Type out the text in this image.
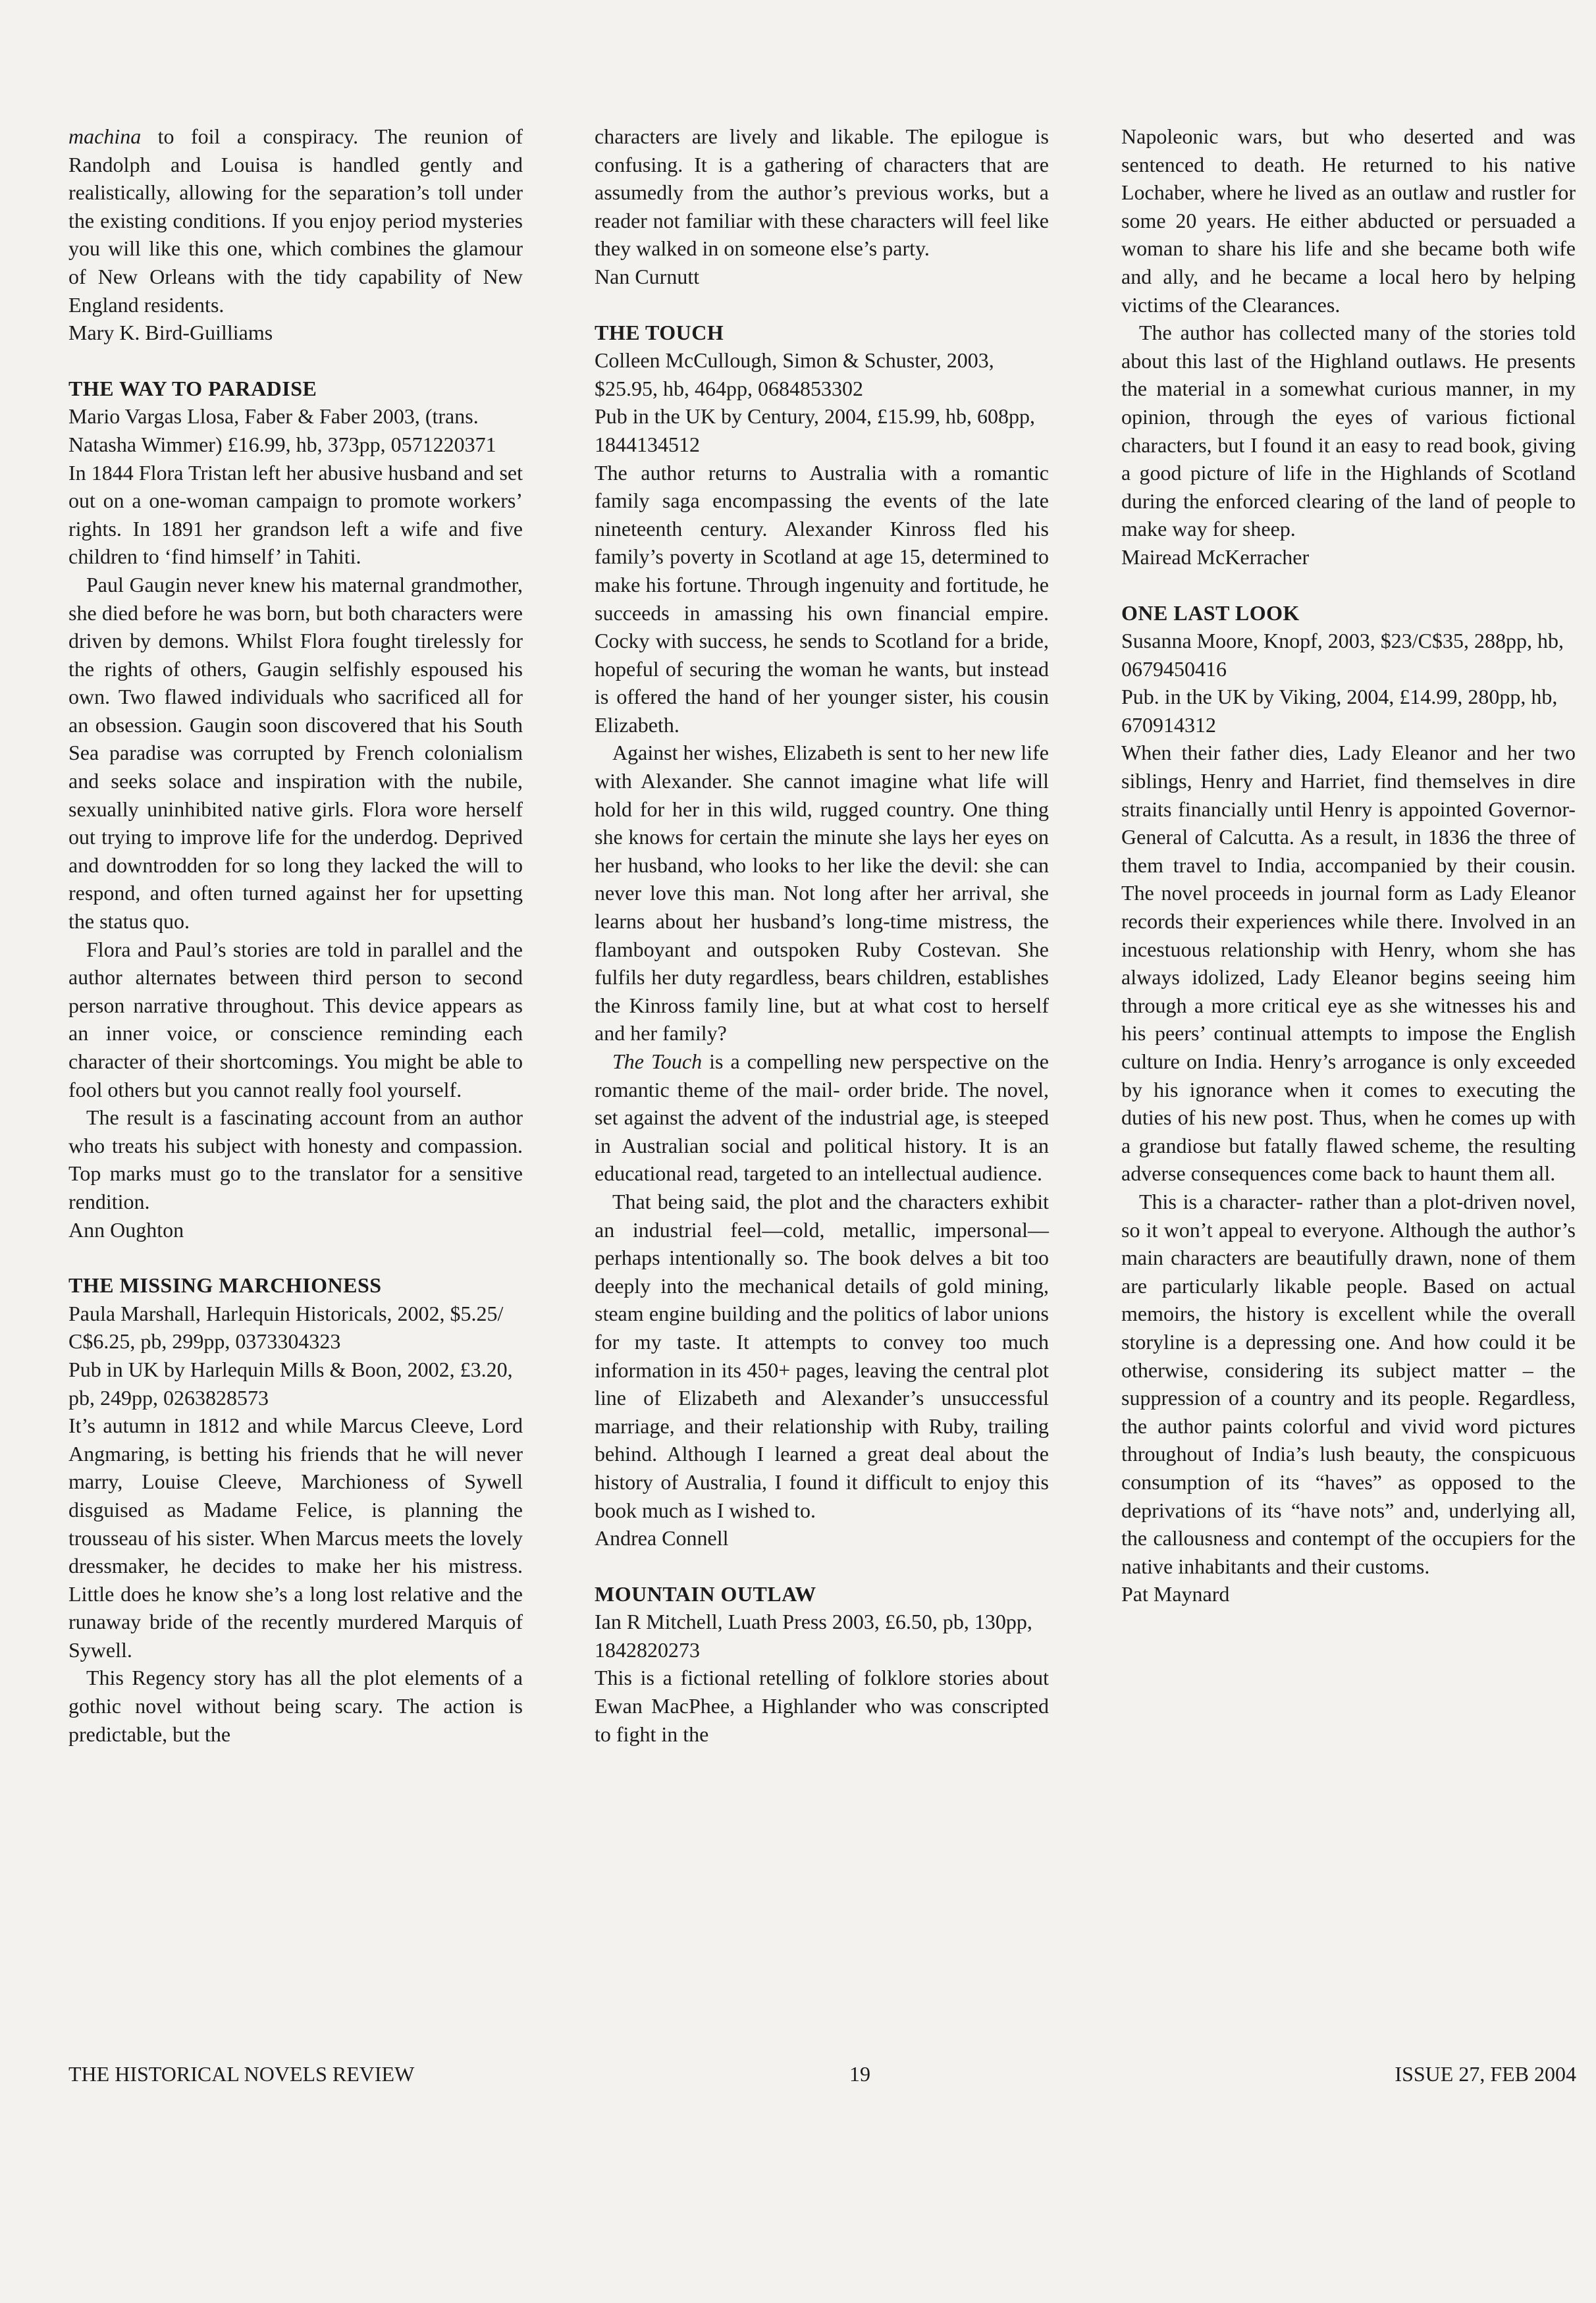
machina to foil a conspiracy. The reunion of Randolph and Louisa is handled gently and realistically, allowing for the separation’s toll under the existing conditions. If you enjoy period mysteries you will like this one, which combines the glamour of New Orleans with the tidy capability of New England residents.

Mary K. Bird-Guilliams

THE WAY TO PARADISE

Mario Vargas Llosa, Faber & Faber 2003, (trans. Natasha Wimmer) £16.99, hb, 373pp, 0571220371

In 1844 Flora Tristan left her abusive husband and set out on a one-woman campaign to promote workers’ rights. In 1891 her grandson left a wife and five children to ‘find himself’ in Tahiti.

Paul Gaugin never knew his maternal grandmother, she died before he was born, but both characters were driven by demons. Whilst Flora fought tirelessly for the rights of others, Gaugin selfishly espoused his own. Two flawed individuals who sacrificed all for an obsession. Gaugin soon discovered that his South Sea paradise was corrupted by French colonialism and seeks solace and inspiration with the nubile, sexually uninhibited native girls. Flora wore herself out trying to improve life for the underdog. Deprived and downtrodden for so long they lacked the will to respond, and often turned against her for upsetting the status quo.

Flora and Paul’s stories are told in parallel and the author alternates between third person to second person narrative throughout. This device appears as an inner voice, or conscience reminding each character of their shortcomings. You might be able to fool others but you cannot really fool yourself.

The result is a fascinating account from an author who treats his subject with honesty and compassion. Top marks must go to the translator for a sensitive rendition.

Ann Oughton

THE MISSING MARCHIONESS

Paula Marshall, Harlequin Historicals, 2002, $5.25/ C$6.25, pb, 299pp, 0373304323

Pub in UK by Harlequin Mills & Boon, 2002, £3.20, pb, 249pp, 0263828573

It’s autumn in 1812 and while Marcus Cleeve, Lord Angmaring, is betting his friends that he will never marry, Louise Cleeve, Marchioness of Sywell disguised as Madame Felice, is planning the trousseau of his sister. When Marcus meets the lovely dressmaker, he decides to make her his mistress. Little does he know she’s a long lost relative and the runaway bride of the recently murdered Marquis of Sywell.

This Regency story has all the plot elements of a gothic novel without being scary. The action is predictable, but the

characters are lively and likable. The epilogue is confusing. It is a gathering of characters that are assumedly from the author’s previous works, but a reader not familiar with these characters will feel like they walked in on someone else’s party.

Nan Curnutt

THE TOUCH

Colleen McCullough, Simon & Schuster, 2003, $25.95, hb, 464pp, 0684853302

Pub in the UK by Century, 2004, £15.99, hb, 608pp, 1844134512

The author returns to Australia with a romantic family saga encompassing the events of the late nineteenth century. Alexander Kinross fled his family’s poverty in Scotland at age 15, determined to make his fortune. Through ingenuity and fortitude, he succeeds in amassing his own financial empire. Cocky with success, he sends to Scotland for a bride, hopeful of securing the woman he wants, but instead is offered the hand of her younger sister, his cousin Elizabeth.

Against her wishes, Elizabeth is sent to her new life with Alexander. She cannot imagine what life will hold for her in this wild, rugged country. One thing she knows for certain the minute she lays her eyes on her husband, who looks to her like the devil: she can never love this man. Not long after her arrival, she learns about her husband’s long-time mistress, the flamboyant and outspoken Ruby Costevan. She fulfils her duty regardless, bears children, establishes the Kinross family line, but at what cost to herself and her family?

The Touch is a compelling new perspective on the romantic theme of the mail- order bride. The novel, set against the advent of the industrial age, is steeped in Australian social and political history. It is an educational read, targeted to an intellectual audience.

That being said, the plot and the characters exhibit an industrial feel—cold, metallic, impersonal—perhaps intentionally so. The book delves a bit too deeply into the mechanical details of gold mining, steam engine building and the politics of labor unions for my taste. It attempts to convey too much information in its 450+ pages, leaving the central plot line of Elizabeth and Alexander’s unsuccessful marriage, and their relationship with Ruby, trailing behind. Although I learned a great deal about the history of Australia, I found it difficult to enjoy this book much as I wished to.

Andrea Connell

MOUNTAIN OUTLAW

Ian R Mitchell, Luath Press 2003, £6.50, pb, 130pp, 1842820273

This is a fictional retelling of folklore stories about Ewan MacPhee, a Highlander who was conscripted to fight in the

Napoleonic wars, but who deserted and was sentenced to death. He returned to his native Lochaber, where he lived as an outlaw and rustler for some 20 years. He either abducted or persuaded a woman to share his life and she became both wife and ally, and he became a local hero by helping victims of the Clearances.

The author has collected many of the stories told about this last of the Highland outlaws. He presents the material in a somewhat curious manner, in my opinion, through the eyes of various fictional characters, but I found it an easy to read book, giving a good picture of life in the Highlands of Scotland during the enforced clearing of the land of people to make way for sheep.

Mairead McKerracher

ONE LAST LOOK

Susanna Moore, Knopf, 2003, $23/C$35, 288pp, hb, 0679450416

Pub. in the UK by Viking, 2004, £14.99, 280pp, hb, 670914312

When their father dies, Lady Eleanor and her two siblings, Henry and Harriet, find themselves in dire straits financially until Henry is appointed Governor-General of Calcutta. As a result, in 1836 the three of them travel to India, accompanied by their cousin. The novel proceeds in journal form as Lady Eleanor records their experiences while there. Involved in an incestuous relationship with Henry, whom she has always idolized, Lady Eleanor begins seeing him through a more critical eye as she witnesses his and his peers’ continual attempts to impose the English culture on India. Henry’s arrogance is only exceeded by his ignorance when it comes to executing the duties of his new post. Thus, when he comes up with a grandiose but fatally flawed scheme, the resulting adverse consequences come back to haunt them all.

This is a character- rather than a plot-driven novel, so it won’t appeal to everyone. Although the author’s main characters are beautifully drawn, none of them are particularly likable people. Based on actual memoirs, the history is excellent while the overall storyline is a depressing one. And how could it be otherwise, considering its subject matter – the suppression of a country and its people. Regardless, the author paints colorful and vivid word pictures throughout of India’s lush beauty, the conspicuous consumption of its “haves” as opposed to the deprivations of its “have nots” and, underlying all, the callousness and contempt of the occupiers for the native inhabitants and their customs.

Pat Maynard

THE HISTORICAL NOVELS REVIEW	19	ISSUE 27, FEB 2004
